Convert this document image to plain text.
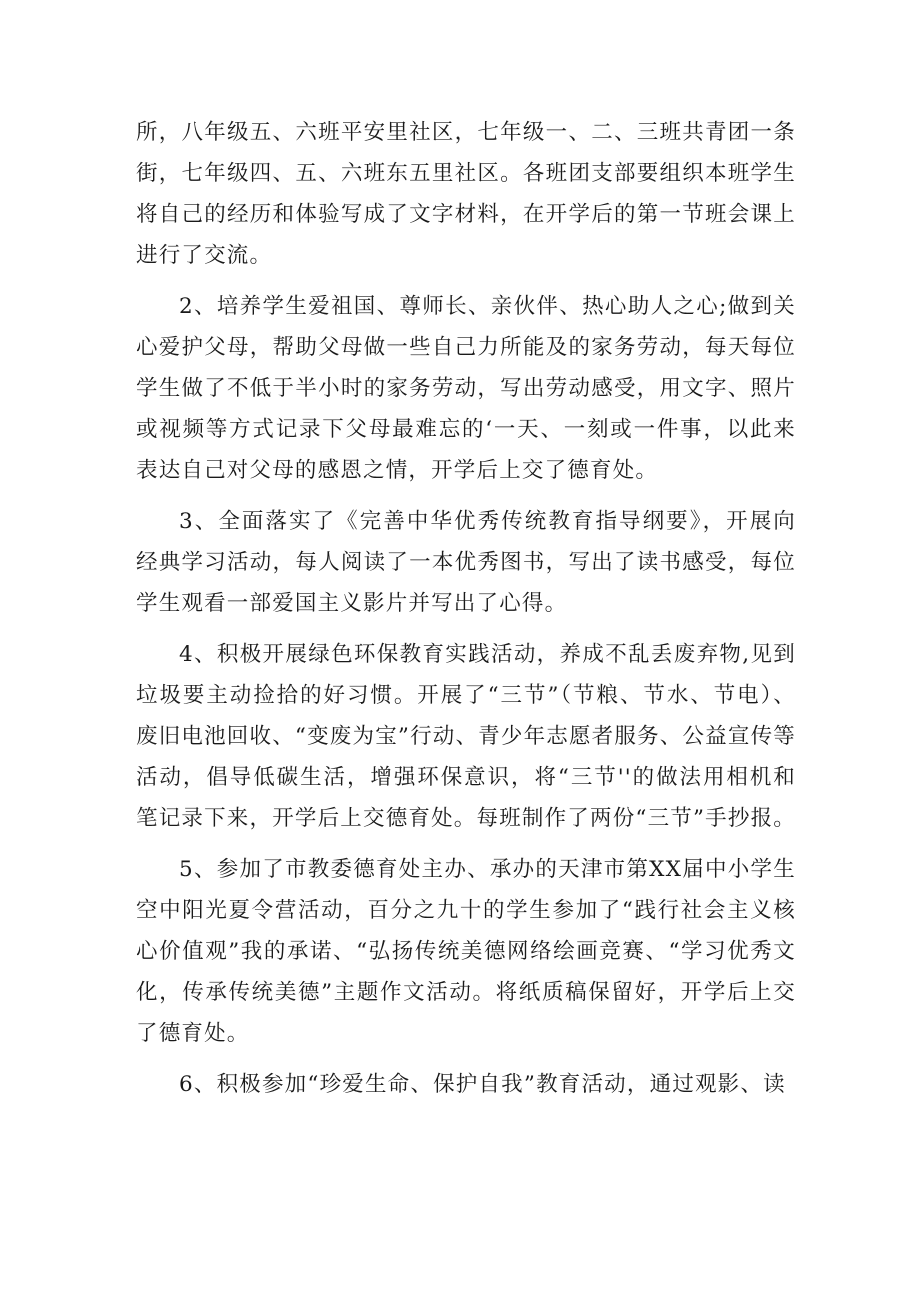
所，八年级五、六班平安里社区，七年级一、二、三班共青团一条街，七年级四、五、六班东五里社区。各班团支部要组织本班学生将自己的经历和体验写成了文字材料，在开学后的第一节班会课上进行了交流。

2、培养学生爱祖国、尊师长、亲伙伴、热心助人之心;做到关心爱护父母，帮助父母做一些自己力所能及的家务劳动，每天每位学生做了不低于半小时的家务劳动，写出劳动感受，用文字、照片或视频等方式记录下父母最难忘的‘一天、一刻或一件事，以此来表达自己对父母的感恩之情，开学后上交了德育处。

3、全面落实了《完善中华优秀传统教育指导纲要》，开展向经典学习活动，每人阅读了一本优秀图书，写出了读书感受，每位学生观看一部爱国主义影片并写出了心得。

4、积极开展绿色环保教育实践活动，养成不乱丢废弃物,见到垃圾要主动捡拾的好习惯。开展了“三节”（节粮、节水、节电）、废旧电池回收、“变废为宝”行动、青少年志愿者服务、公益宣传等活动，倡导低碳生活，增强环保意识，将“三节''的做法用相机和笔记录下来，开学后上交德育处。每班制作了两份“三节”手抄报。

5、参加了市教委德育处主办、承办的天津市第XX届中小学生空中阳光夏令营活动，百分之九十的学生参加了“践行社会主义核心价值观”我的承诺、“弘扬传统美德网络绘画竞赛、“学习优秀文化，传承传统美德”主题作文活动。将纸质稿保留好，开学后上交了德育处。

6、积极参加“珍爱生命、保护自我”教育活动，通过观影、读
